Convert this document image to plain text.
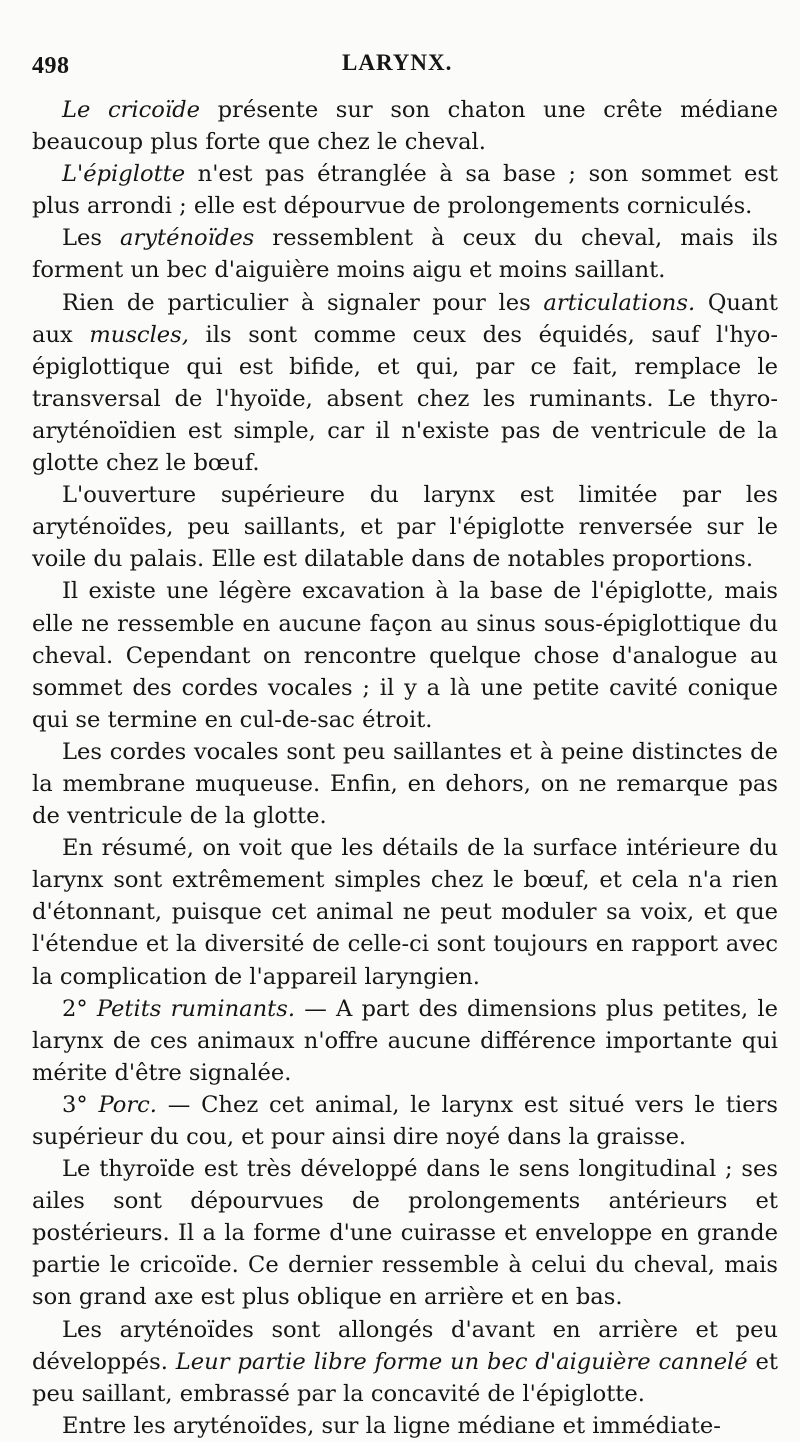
498	LARYNX.

Le cricoïde présente sur son chaton une crête médiane beaucoup plus forte que chez le cheval.

L'épiglotte n'est pas étranglée à sa base ; son sommet est plus arrondi ; elle est dépourvue de prolongements corniculés.

Les aryténoïdes ressemblent à ceux du cheval, mais ils forment un bec d'aiguière moins aigu et moins saillant.

Rien de particulier à signaler pour les articulations. Quant aux muscles, ils sont comme ceux des équidés, sauf l'hyo-épiglottique qui est bifide, et qui, par ce fait, remplace le transversal de l'hyoïde, absent chez les ruminants. Le thyro-aryténoïdien est simple, car il n'existe pas de ventricule de la glotte chez le bœuf.

L'ouverture supérieure du larynx est limitée par les aryténoïdes, peu saillants, et par l'épiglotte renversée sur le voile du palais. Elle est dilatable dans de notables proportions.

Il existe une légère excavation à la base de l'épiglotte, mais elle ne ressemble en aucune façon au sinus sous-épiglottique du cheval. Cependant on rencontre quelque chose d'analogue au sommet des cordes vocales ; il y a là une petite cavité conique qui se termine en cul-de-sac étroit.

Les cordes vocales sont peu saillantes et à peine distinctes de la membrane muqueuse. Enfin, en dehors, on ne remarque pas de ventricule de la glotte.

En résumé, on voit que les détails de la surface intérieure du larynx sont extrêmement simples chez le bœuf, et cela n'a rien d'étonnant, puisque cet animal ne peut moduler sa voix, et que l'étendue et la diversité de celle-ci sont toujours en rapport avec la complication de l'appareil laryngien.

2° Petits ruminants. — A part des dimensions plus petites, le larynx de ces animaux n'offre aucune différence importante qui mérite d'être signalée.

3° Porc. — Chez cet animal, le larynx est situé vers le tiers supérieur du cou, et pour ainsi dire noyé dans la graisse.

Le thyroïde est très développé dans le sens longitudinal ; ses ailes sont dépourvues de prolongements antérieurs et postérieurs. Il a la forme d'une cuirasse et enveloppe en grande partie le cricoïde. Ce dernier ressemble à celui du cheval, mais son grand axe est plus oblique en arrière et en bas.

Les aryténoïdes sont allongés d'avant en arrière et peu développés. Leur partie libre forme un bec d'aiguière cannelé et peu saillant, embrassé par la concavité de l'épiglotte.

Entre les aryténoïdes, sur la ligne médiane et immédiate-
